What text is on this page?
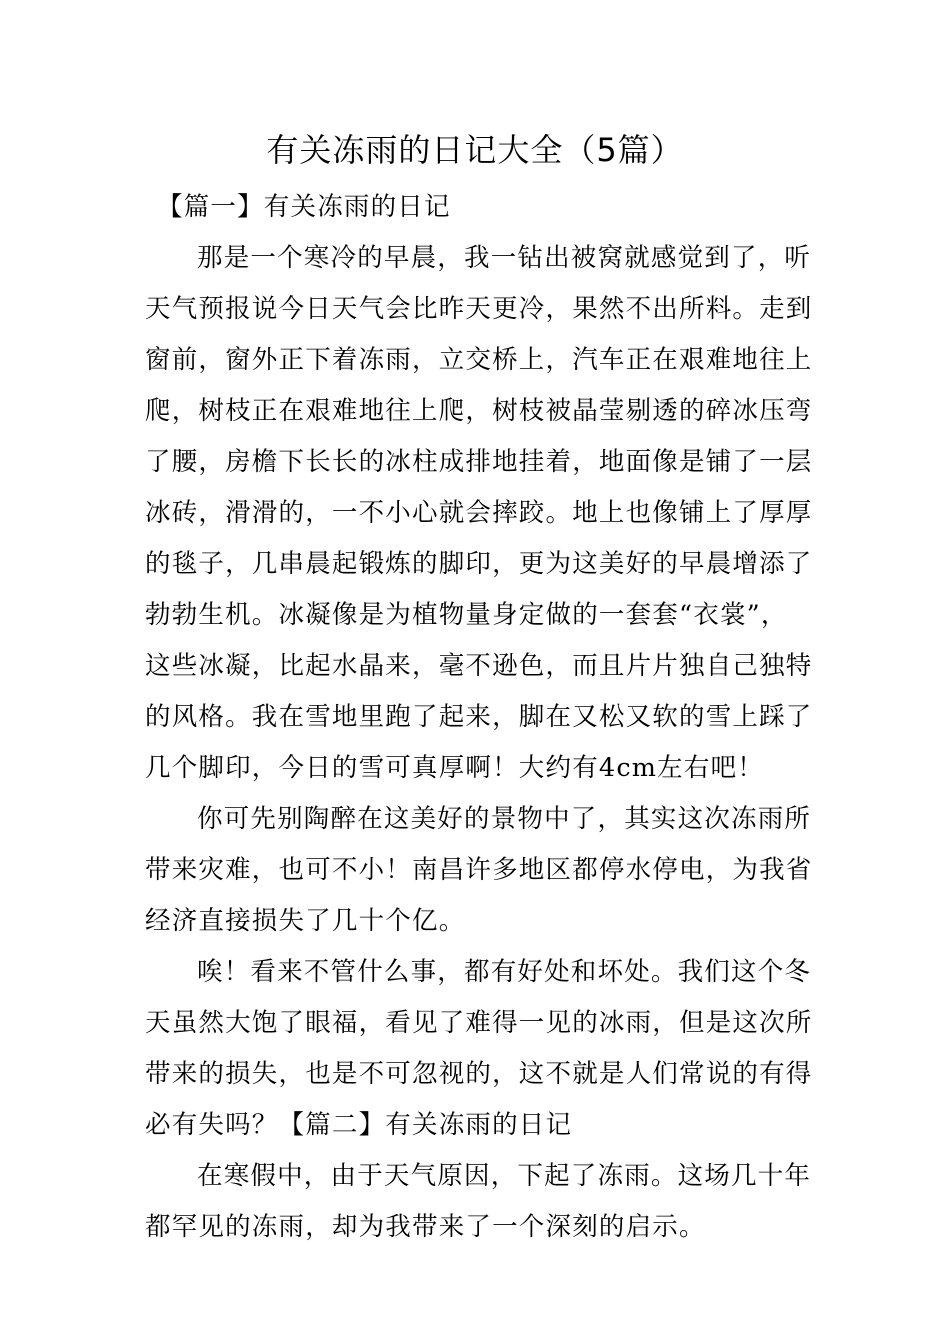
有关冻雨的日记大全（5篇）

【篇一】有关冻雨的日记

那是一个寒冷的早晨，我一钻出被窝就感觉到了，听

天气预报说今日天气会比昨天更冷，果然不出所料。走到

窗前，窗外正下着冻雨，立交桥上，汽车正在艰难地往上

爬，树枝正在艰难地往上爬，树枝被晶莹剔透的碎冰压弯

了腰，房檐下长长的冰柱成排地挂着，地面像是铺了一层

冰砖，滑滑的，一不小心就会摔跤。地上也像铺上了厚厚

的毯子，几串晨起锻炼的脚印，更为这美好的早晨增添了

勃勃生机。冰凝像是为植物量身定做的一套套“衣裳”，

这些冰凝，比起水晶来，毫不逊色，而且片片独自己独特

的风格。我在雪地里跑了起来，脚在又松又软的雪上踩了

几个脚印，今日的雪可真厚啊！大约有4cm左右吧！

你可先别陶醉在这美好的景物中了，其实这次冻雨所

带来灾难，也可不小！南昌许多地区都停水停电，为我省

经济直接损失了几十个亿。

唉！看来不管什么事，都有好处和坏处。我们这个冬

天虽然大饱了眼福，看见了难得一见的冰雨，但是这次所

带来的损失，也是不可忽视的，这不就是人们常说的有得

必有失吗？【篇二】有关冻雨的日记

在寒假中，由于天气原因，下起了冻雨。这场几十年

都罕见的冻雨，却为我带来了一个深刻的启示。
